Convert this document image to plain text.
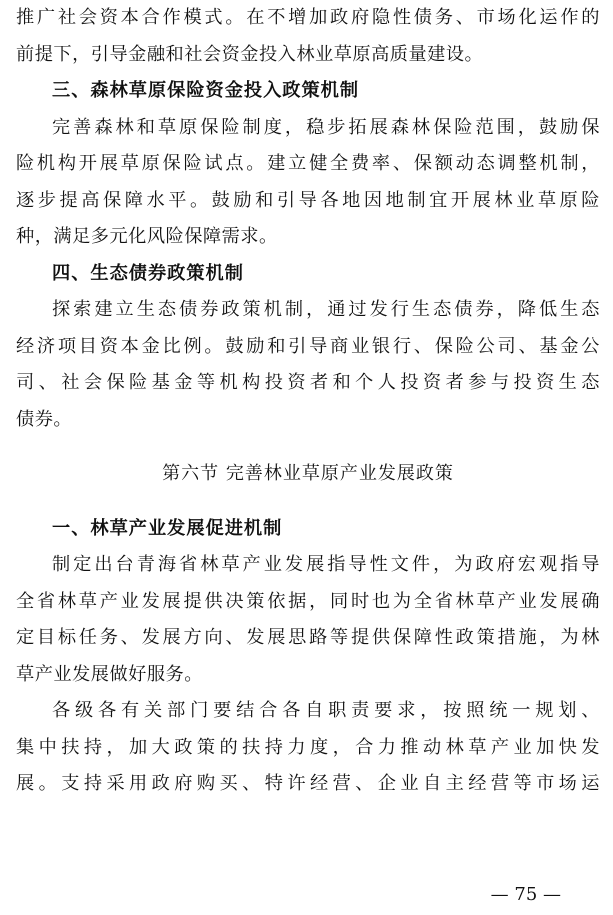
推广社会资本合作模式。在不增加政府隐性债务、市场化运作的
前提下，引导金融和社会资金投入林业草原高质量建设。
三、森林草原保险资金投入政策机制
完善森林和草原保险制度，稳步拓展森林保险范围，鼓励保
险机构开展草原保险试点。建立健全费率、保额动态调整机制，
逐步提高保障水平。鼓励和引导各地因地制宜开展林业草原险
种，满足多元化风险保障需求。
四、生态债券政策机制
探索建立生态债券政策机制，通过发行生态债券，降低生态
经济项目资本金比例。鼓励和引导商业银行、保险公司、基金公
司、社会保险基金等机构投资者和个人投资者参与投资生态
债券。
第六节 完善林业草原产业发展政策
一、林草产业发展促进机制
制定出台青海省林草产业发展指导性文件，为政府宏观指导
全省林草产业发展提供决策依据，同时也为全省林草产业发展确
定目标任务、发展方向、发展思路等提供保障性政策措施，为林
草产业发展做好服务。
各级各有关部门要结合各自职责要求，按照统一规划、
集中扶持，加大政策的扶持力度，合力推动林草产业加快发
展。支持采用政府购买、特许经营、企业自主经营等市场运
— 75 —
